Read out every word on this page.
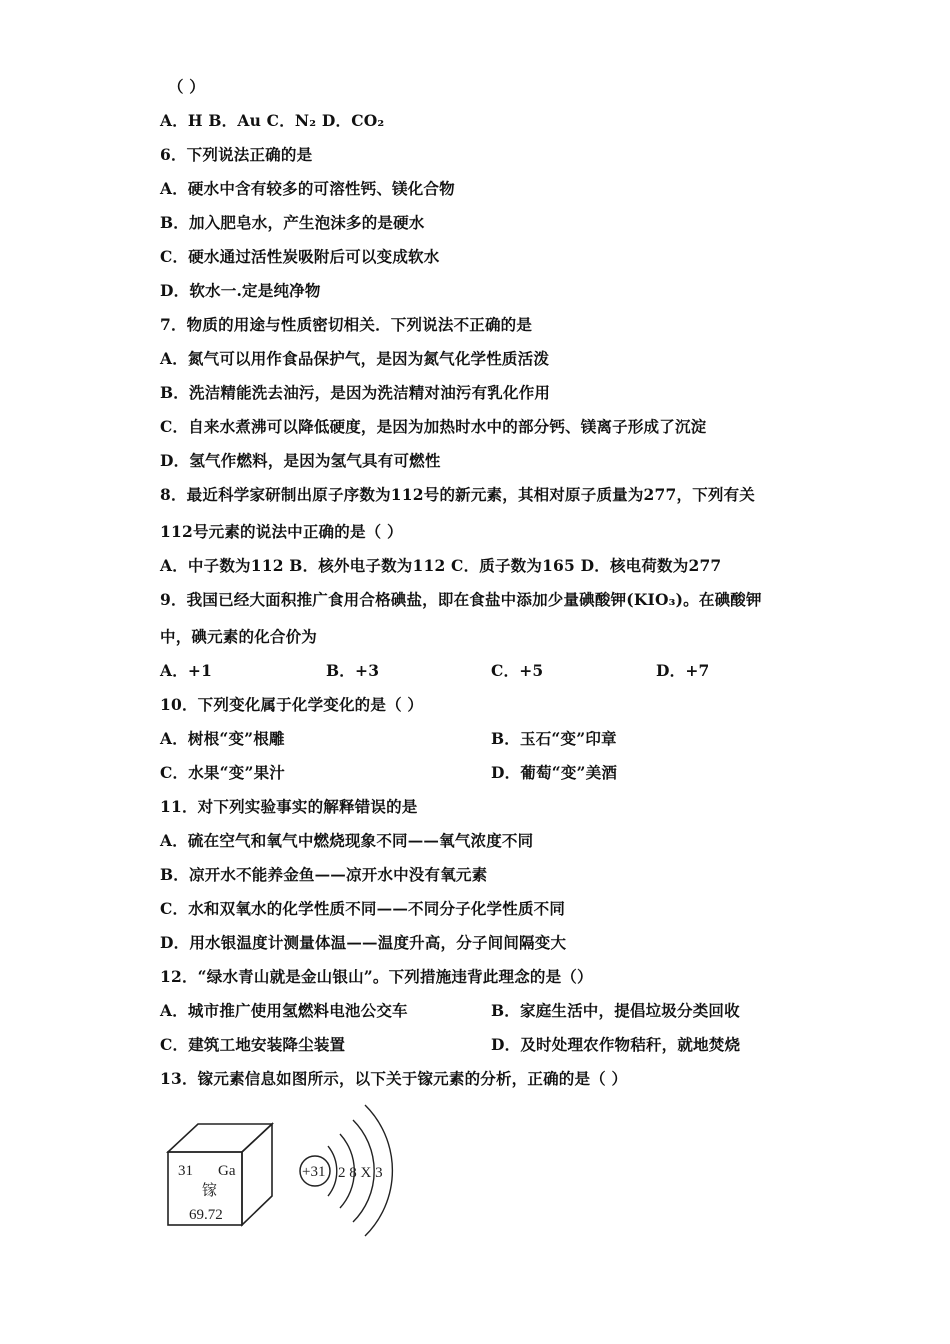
（ ）
A．H B．Au C．N₂ D．CO₂
6．下列说法正确的是
A．硬水中含有较多的可溶性钙、镁化合物
B．加入肥皂水，产生泡沫多的是硬水
C．硬水通过活性炭吸附后可以变成软水
D．软水一.定是纯净物
7．物质的用途与性质密切相关．下列说法不正确的是
A．氮气可以用作食品保护气，是因为氮气化学性质活泼
B．洗洁精能洗去油污，是因为洗洁精对油污有乳化作用
C．自来水煮沸可以降低硬度，是因为加热时水中的部分钙、镁离子形成了沉淀
D．氢气作燃料，是因为氢气具有可燃性
8．最近科学家研制出原子序数为112号的新元素，其相对原子质量为277，下列有关
112号元素的说法中正确的是（ ）
A．中子数为112 B．核外电子数为112 C．质子数为165 D．核电荷数为277
9．我国已经大面积推广食用合格碘盐，即在食盐中添加少量碘酸钾(KIO₃)。在碘酸钾
中，碘元素的化合价为
A．+1	B．+3	C．+5	D．+7
10．下列变化属于化学变化的是（ ）
A．树根“变”根雕	B．玉石“变”印章
C．水果“变”果汁	D．葡萄“变”美酒
11．对下列实验事实的解释错误的是
A．硫在空气和氧气中燃烧现象不同——氧气浓度不同
B．凉开水不能养金鱼——凉开水中没有氧元素
C．水和双氧水的化学性质不同——不同分子化学性质不同
D．用水银温度计测量体温——温度升高，分子间间隔变大
12．“绿水青山就是金山银山”。下列措施违背此理念的是（）
A．城市推广使用氢燃料电池公交车	B．家庭生活中，提倡垃圾分类回收
C．建筑工地安装降尘装置	D．及时处理农作物秸秆，就地焚烧
13．镓元素信息如图所示，以下关于镓元素的分析，正确的是（ ）
31 Ga
镓
69.72
+31 2 8 X 3
